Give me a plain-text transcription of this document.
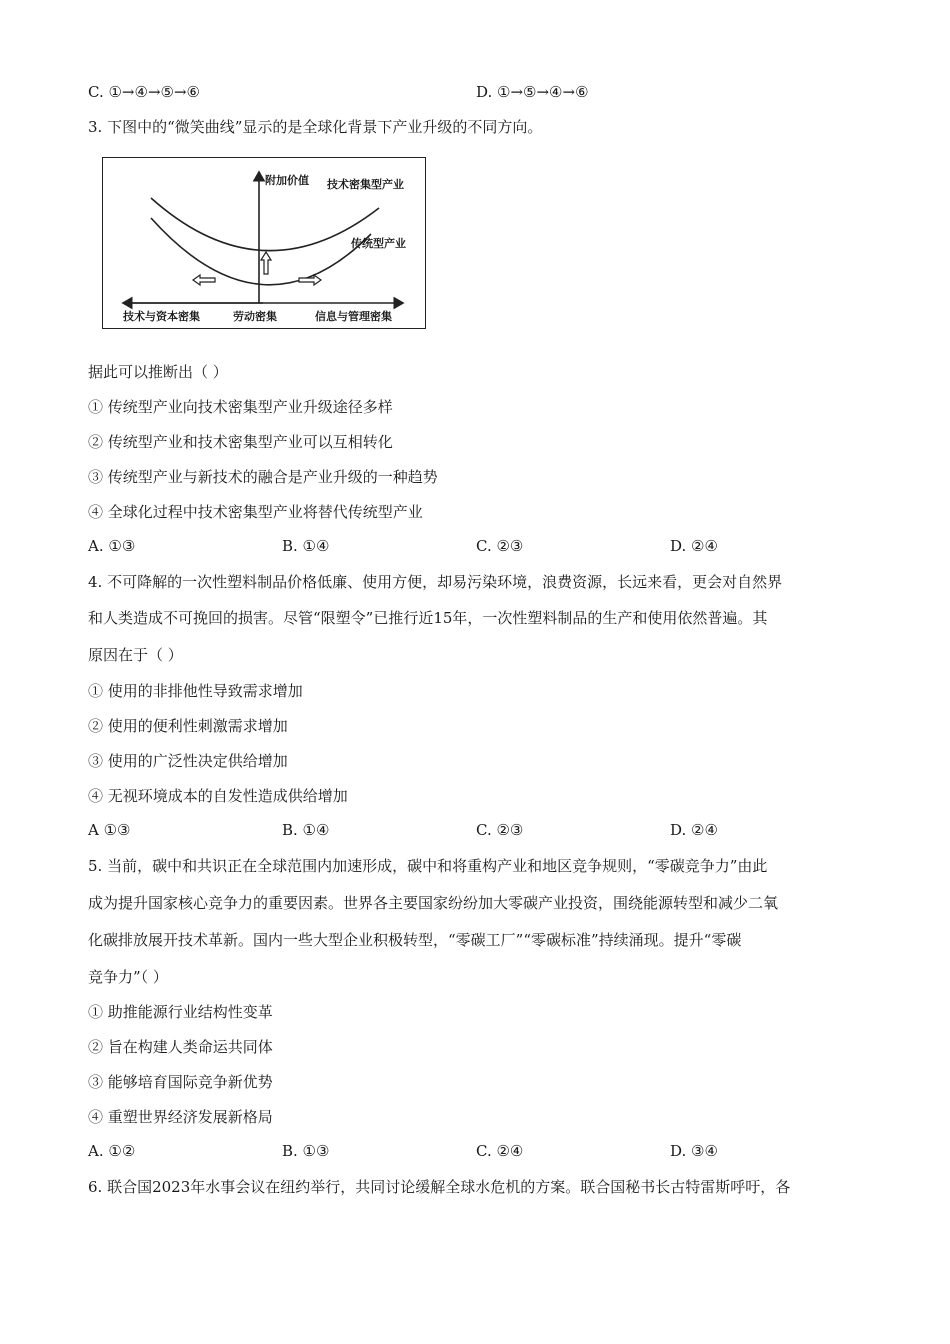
C. ①→④→⑤→⑥	D. ①→⑤→④→⑥
3. 下图中的“微笑曲线”显示的是全球化背景下产业升级的不同方向。
附加价值 技术密集型产业
传统型产业
技术与资本密集	劳动密集	信息与管理密集
据此可以推断出（ ）
① 传统型产业向技术密集型产业升级途径多样
② 传统型产业和技术密集型产业可以互相转化
③ 传统型产业与新技术的融合是产业升级的一种趋势
④ 全球化过程中技术密集型产业将替代传统型产业
A. ①③	B. ①④	C. ②③	D. ②④
4. 不可降解的一次性塑料制品价格低廉、使用方便，却易污染环境，浪费资源，长远来看，更会对自然界
和人类造成不可挽回的损害。尽管“限塑令”已推行近15年，一次性塑料制品的生产和使用依然普遍。其
原因在于（ ）
① 使用的非排他性导致需求增加
② 使用的便利性刺激需求增加
③ 使用的广泛性决定供给增加
④ 无视环境成本的自发性造成供给增加
A ①③	B. ①④	C. ②③	D. ②④
5. 当前，碳中和共识正在全球范围内加速形成，碳中和将重构产业和地区竞争规则，“零碳竞争力”由此
成为提升国家核心竞争力的重要因素。世界各主要国家纷纷加大零碳产业投资，围绕能源转型和减少二氧
化碳排放展开技术革新。国内一些大型企业积极转型，“零碳工厂”“零碳标准”持续涌现。提升“零碳
竞争力”（ ）
① 助推能源行业结构性变革
② 旨在构建人类命运共同体
③ 能够培育国际竞争新优势
④ 重塑世界经济发展新格局
A. ①②	B. ①③	C. ②④	D. ③④
6. 联合国2023年水事会议在纽约举行，共同讨论缓解全球水危机的方案。联合国秘书长古特雷斯呼吁，各
